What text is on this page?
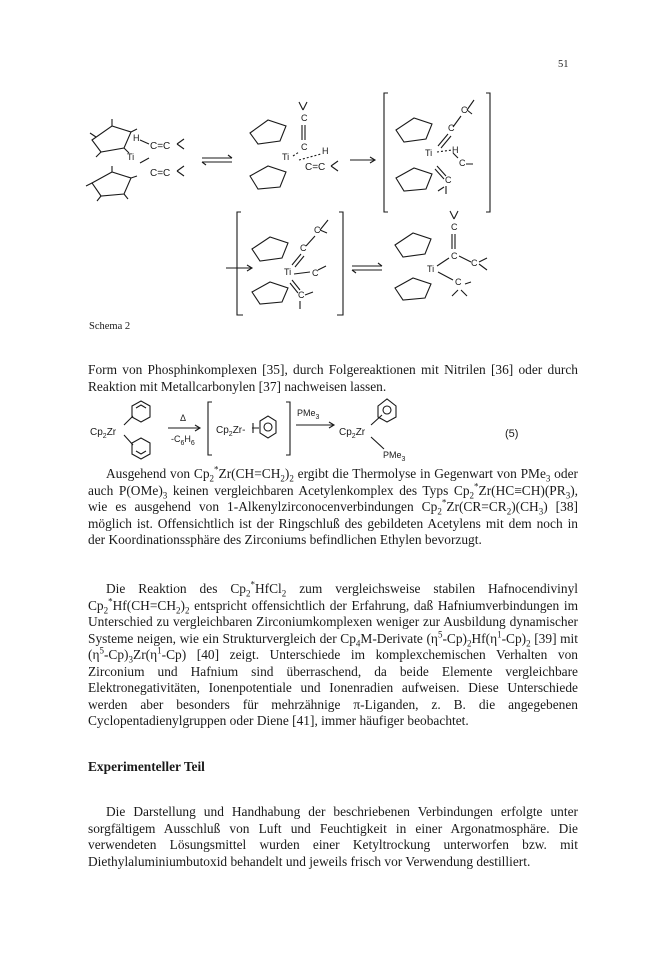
51
Ti
H
C=C
C=C
Ti
C
C H
C=C
Ti
C
C
H
C
C
Ti
C
C
C
C
Ti
C
C
C
C
Schema 2

Form von Phosphinkomplexen [35], durch Folgereaktionen mit Nitrilen [36] oder durch Reaktion mit Metallcarbonylen [37] nachweisen lassen.

$Cp_2Zr$
Δ
$-C_6H_6$
$Cp_2Zr-$
PMe$_3$
$Cp_2Zr$
PMe$_3$
(5)

Ausgehend von $Cp_2^*Zr(CH=CH_2)_2$ ergibt die Thermolyse in Gegenwart von PMe$_3$ oder auch $P(OMe)_3$ keinen vergleichbaren Acetylenkomplex des Typs $Cp_2^*Zr(HC\equiv CH)(PR_3)$, wie es ausgehend von 1-Alkenylzirconocenverbindungen $Cp_2^*Zr(CR=CR_2)(CH_3)$ [38] möglich ist. Offensichtlich ist der Ringschluß des gebildeten Acetylens mit dem noch in der Koordinationssphäre des Zirconiums befindlichen Ethylen bevorzugt.

Die Reaktion des $Cp_2^*HfCl_2$ zum vergleichsweise stabilen Hafnocendivinyl $Cp_2^*Hf(CH=CH_2)_2$ entspricht offensichtlich der Erfahrung, daß Hafniumverbindungen im Unterschied zu vergleichbaren Zirconiumkomplexen weniger zur Ausbildung dynamischer Systeme neigen, wie ein Strukturvergleich der $Cp_4M$-Derivate $(\eta^5-Cp)_2Hf(\eta^1-Cp)_2$ [39] mit $(\eta^5-Cp)_3Zr(\eta^1-Cp)$ [40] zeigt. Unterschiede im komplexchemischen Verhalten von Zirconium und Hafnium sind überraschend, da beide Elemente vergleichbare Elektronegativitäten, Ionenpotentiale und Ionenradien aufweisen. Diese Unterschiede werden aber besonders für mehrzähnige π-Liganden, z. B. die angegebenen Cyclopentadienylgruppen oder Diene [41], immer häufiger beobachtet.

Experimenteller Teil

Die Darstellung und Handhabung der beschriebenen Verbindungen erfolgte unter sorgfältigem Ausschluß von Luft und Feuchtigkeit in einer Argonatmosphäre. Die verwendeten Lösungsmittel wurden einer Ketyltrockung unterworfen bzw. mit Diethylaluminiumbutoxid behandelt und jeweils frisch vor Verwendung destilliert.
